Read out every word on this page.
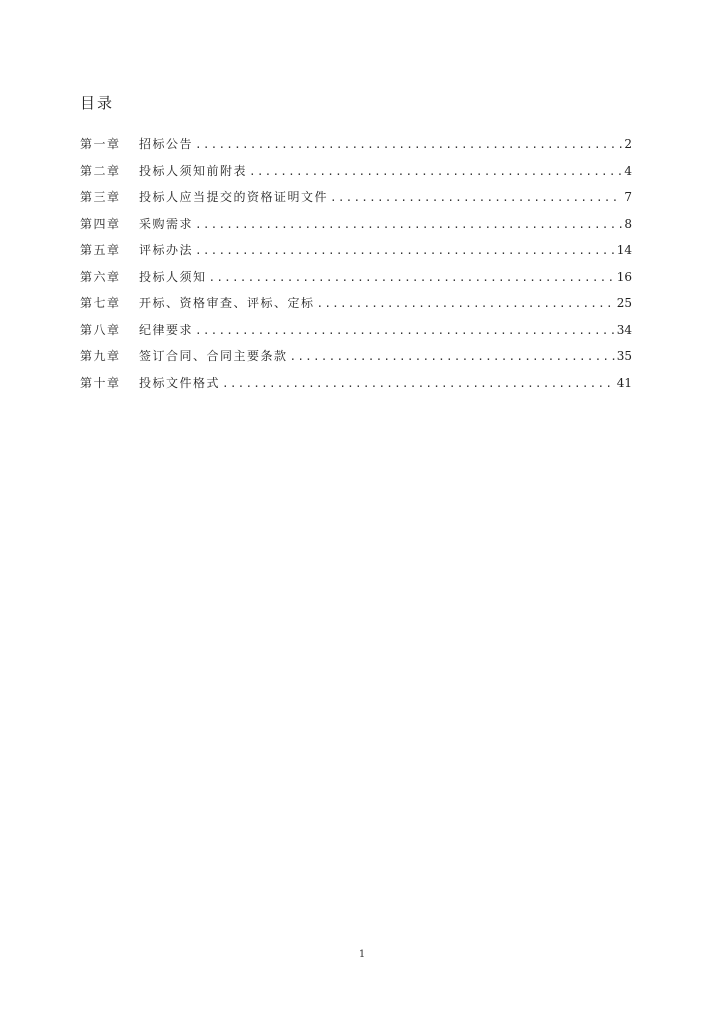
目录
第一章	招标公告 .....	2
第二章	投标人须知前附表 .....	4
第三章	投标人应当提交的资格证明文件 .....	7
第四章	采购需求 .....	8
第五章	评标办法 .....	14
第六章	投标人须知 .....	16
第七章	开标、资格审查、评标、定标 .....	25
第八章	纪律要求 .....	34
第九章	签订合同、合同主要条款 .....	35
第十章	投标文件格式 .....	41
1
